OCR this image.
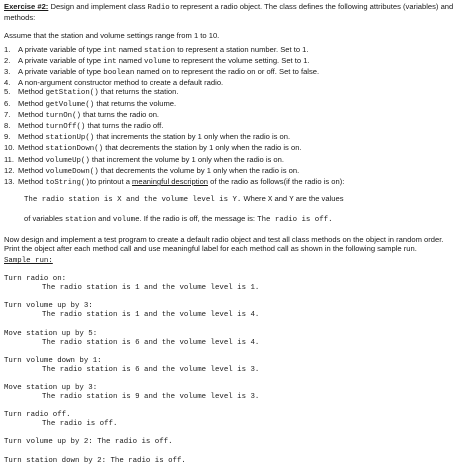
Exercise #2: Design and implement class Radio to represent a radio object. The class defines the following attributes (variables) and methods:

Assume that the station and volume settings range from 1 to 10.

1.	A private variable of type int named station to represent a station number. Set to 1.
2.	A private variable of type int named volume to represent the volume setting. Set to 1.
3.	A private variable of type boolean named on to represent the radio on or off. Set to false.
4.	A non-argument constructor method to create a default radio.
5.	Method getStation() that returns the station.
6.	Method getVolume() that returns the volume.
7.	Method turnOn() that turns the radio on.
8.	Method turnOff() that turns the radio off.
9.	Method stationUp() that increments the station by 1 only when the radio is on.
10. Method stationDown() that decrements the station by 1 only when the radio is on.
11. Method volumeUp() that increment the volume by 1 only when the radio is on.
12. Method volumeDown() that decrements the volume by 1 only when the radio is on.
13. Method toString()to printout a meaningful description of the radio as follows(if the radio is on):

The radio station is X and the volume level is Y. Where X and Y are the values

of variables station and volume. If the radio is off, the message is: The radio is off.

Now design and implement a test program to create a default radio object and test all class methods on the object in random order.

Print the object after each method call and use meaningful label for each method call as shown in the following sample run.

Sample run:

Turn radio on:
The radio station is 1 and the volume level is 1.
Turn volume up by 3:
The radio station is 1 and the volume level is 4.
Move station up by 5:
The radio station is 6 and the volume level is 4.
Turn volume down by 1:
The radio station is 6 and the volume level is 3.
Move station up by 3:
The radio station is 9 and the volume level is 3.
Turn radio off.
The radio is off.
Turn volume up by 2: The radio is off.
Turn station down by 2: The radio is off.
